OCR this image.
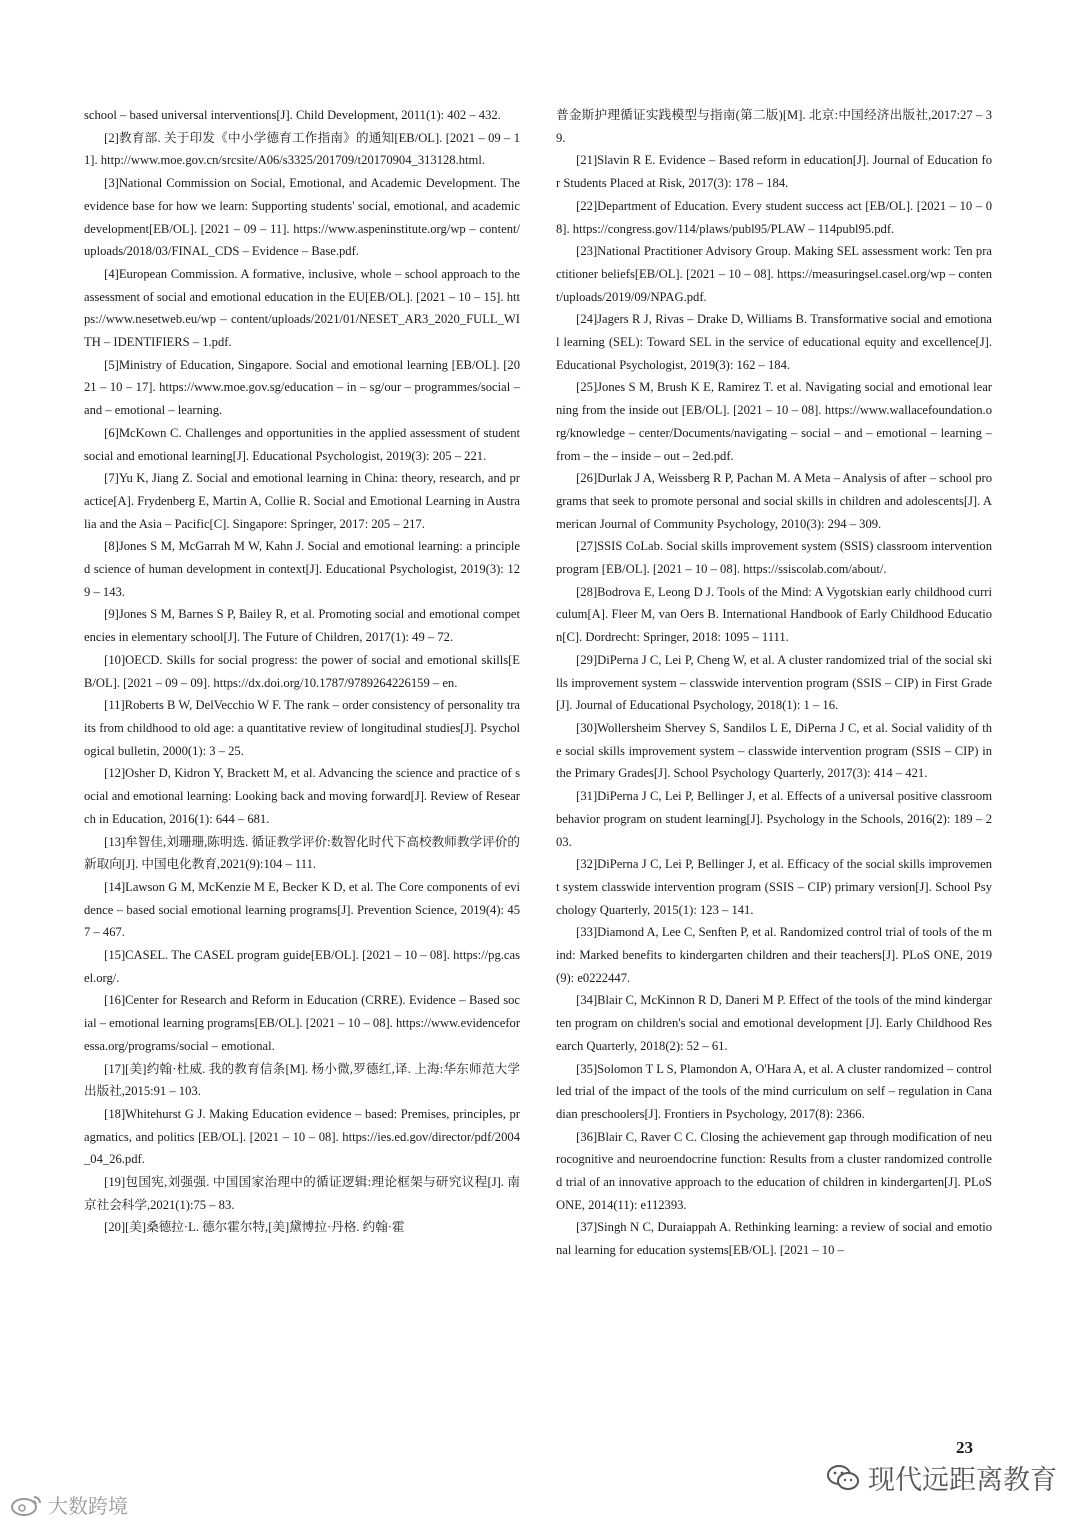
school – based universal interventions[J]. Child Development, 2011(1): 402 – 432.

[2]教育部. 关于印发《中小学德育工作指南》的通知[EB/OL]. [2021 – 09 – 11]. http://www.moe.gov.cn/srcsite/A06/s3325/201709/t20170904_313128.html.

[3]National Commission on Social, Emotional, and Academic Development. The evidence base for how we learn: Supporting students' social, emotional, and academic development[EB/OL]. [2021 – 09 – 11]. https://www.aspeninstitute.org/wp – content/uploads/2018/03/FINAL_CDS – Evidence – Base.pdf.

[4]European Commission. A formative, inclusive, whole – school approach to the assessment of social and emotional education in the EU[EB/OL]. [2021 – 10 – 15]. https://www.nesetweb.eu/wp – content/uploads/2021/01/NESET_AR3_2020_FULL_WITH – IDENTIFIERS – 1.pdf.

[5]Ministry of Education, Singapore. Social and emotional learning [EB/OL]. [2021 – 10 – 17]. https://www.moe.gov.sg/education – in – sg/our – programmes/social – and – emotional – learning.

[6]McKown C. Challenges and opportunities in the applied assessment of student social and emotional learning[J]. Educational Psychologist, 2019(3): 205 – 221.

[7]Yu K, Jiang Z. Social and emotional learning in China: theory, research, and practice[A]. Frydenberg E, Martin A, Collie R. Social and Emotional Learning in Australia and the Asia – Pacific[C]. Singapore: Springer, 2017: 205 – 217.

[8]Jones S M, McGarrah M W, Kahn J. Social and emotional learning: a principled science of human development in context[J]. Educational Psychologist, 2019(3): 129 – 143.

[9]Jones S M, Barnes S P, Bailey R, et al. Promoting social and emotional competencies in elementary school[J]. The Future of Children, 2017(1): 49 – 72.

[10]OECD. Skills for social progress: the power of social and emotional skills[EB/OL]. [2021 – 09 – 09]. https://dx.doi.org/10.1787/9789264226159 – en.

[11]Roberts B W, DelVecchio W F. The rank – order consistency of personality traits from childhood to old age: a quantitative review of longitudinal studies[J]. Psychological bulletin, 2000(1): 3 – 25.

[12]Osher D, Kidron Y, Brackett M, et al. Advancing the science and practice of social and emotional learning: Looking back and moving forward[J]. Review of Research in Education, 2016(1): 644 – 681.

[13]牟智佳,刘珊珊,陈明选. 循证教学评价:数智化时代下高校教师教学评价的新取向[J]. 中国电化教育,2021(9):104 – 111.

[14]Lawson G M, McKenzie M E, Becker K D, et al. The Core components of evidence – based social emotional learning programs[J]. Prevention Science, 2019(4): 457 – 467.

[15]CASEL. The CASEL program guide[EB/OL]. [2021 – 10 – 08]. https://pg.casel.org/.

[16]Center for Research and Reform in Education (CRRE). Evidence – Based social – emotional learning programs[EB/OL]. [2021 – 10 – 08]. https://www.evidenceforessa.org/programs/social – emotional.

[17][美]约翰·杜威. 我的教育信条[M]. 杨小微,罗德红,译. 上海:华东师范大学出版社,2015:91 – 103.

[18]Whitehurst G J. Making Education evidence – based: Premises, principles, pragmatics, and politics [EB/OL]. [2021 – 10 – 08]. https://ies.ed.gov/director/pdf/2004_04_26.pdf.

[19]包国宪,刘强强. 中国国家治理中的循证逻辑:理论框架与研究议程[J]. 南京社会科学,2021(1):75 – 83.

[20][美]桑德拉·L. 德尔霍尔特,[美]黛博拉·丹格. 约翰·霍

普金斯护理循证实践模型与指南(第二版)[M]. 北京:中国经济出版社,2017:27 – 39.

[21]Slavin R E. Evidence – Based reform in education[J]. Journal of Education for Students Placed at Risk, 2017(3): 178 – 184.

[22]Department of Education. Every student success act [EB/OL]. [2021 – 10 – 08]. https://congress.gov/114/plaws/publ95/PLAW – 114publ95.pdf.

[23]National Practitioner Advisory Group. Making SEL assessment work: Ten practitioner beliefs[EB/OL]. [2021 – 10 – 08]. https://measuringsel.casel.org/wp – content/uploads/2019/09/NPAG.pdf.

[24]Jagers R J, Rivas – Drake D, Williams B. Transformative social and emotional learning (SEL): Toward SEL in the service of educational equity and excellence[J]. Educational Psychologist, 2019(3): 162 – 184.

[25]Jones S M, Brush K E, Ramirez T. et al. Navigating social and emotional learning from the inside out [EB/OL]. [2021 – 10 – 08]. https://www.wallacefoundation.org/knowledge – center/Documents/navigating – social – and – emotional – learning – from – the – inside – out – 2ed.pdf.

[26]Durlak J A, Weissberg R P, Pachan M. A Meta – Analysis of after – school programs that seek to promote personal and social skills in children and adolescents[J]. American Journal of Community Psychology, 2010(3): 294 – 309.

[27]SSIS CoLab. Social skills improvement system (SSIS) classroom intervention program [EB/OL]. [2021 – 10 – 08]. https://ssiscolab.com/about/.

[28]Bodrova E, Leong D J. Tools of the Mind: A Vygotskian early childhood curriculum[A]. Fleer M, van Oers B. International Handbook of Early Childhood Education[C]. Dordrecht: Springer, 2018: 1095 – 1111.

[29]DiPerna J C, Lei P, Cheng W, et al. A cluster randomized trial of the social skills improvement system – classwide intervention program (SSIS – CIP) in First Grade[J]. Journal of Educational Psychology, 2018(1): 1 – 16.

[30]Wollersheim Shervey S, Sandilos L E, DiPerna J C, et al. Social validity of the social skills improvement system – classwide intervention program (SSIS – CIP) in the Primary Grades[J]. School Psychology Quarterly, 2017(3): 414 – 421.

[31]DiPerna J C, Lei P, Bellinger J, et al. Effects of a universal positive classroom behavior program on student learning[J]. Psychology in the Schools, 2016(2): 189 – 203.

[32]DiPerna J C, Lei P, Bellinger J, et al. Efficacy of the social skills improvement system classwide intervention program (SSIS – CIP) primary version[J]. School Psychology Quarterly, 2015(1): 123 – 141.

[33]Diamond A, Lee C, Senften P, et al. Randomized control trial of tools of the mind: Marked benefits to kindergarten children and their teachers[J]. PLoS ONE, 2019(9): e0222447.

[34]Blair C, McKinnon R D, Daneri M P. Effect of the tools of the mind kindergarten program on children's social and emotional development [J]. Early Childhood Research Quarterly, 2018(2): 52 – 61.

[35]Solomon T L S, Plamondon A, O'Hara A, et al. A cluster randomized – controlled trial of the impact of the tools of the mind curriculum on self – regulation in Canadian preschoolers[J]. Frontiers in Psychology, 2017(8): 2366.

[36]Blair C, Raver C C. Closing the achievement gap through modification of neurocognitive and neuroendocrine function: Results from a cluster randomized controlled trial of an innovative approach to the education of children in kindergarten[J]. PLoS ONE, 2014(11): e112393.

[37]Singh N C, Duraiappah A. Rethinking learning: a review of social and emotional learning for education systems[EB/OL]. [2021 – 10 –

23
现代远距离教育
大数跨境
